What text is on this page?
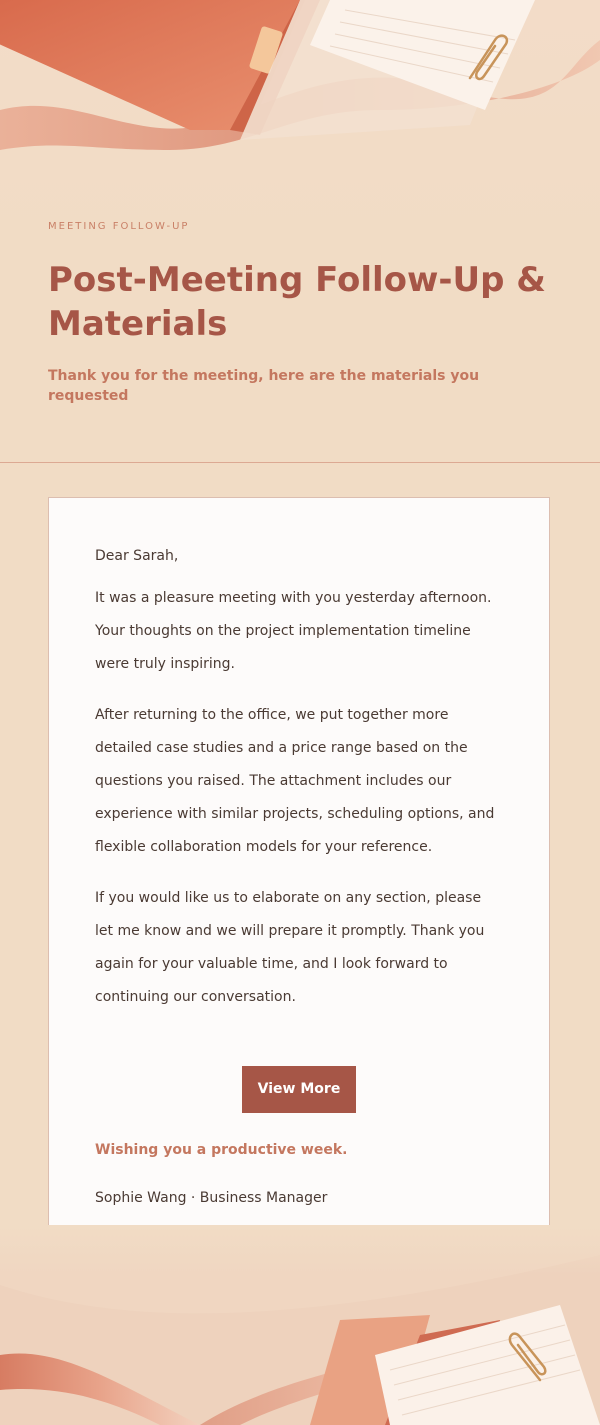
MEETING FOLLOW-UP

Post-Meeting Follow-Up & Materials

Thank you for the meeting, here are the materials you requested

Dear Sarah,

It was a pleasure meeting with you yesterday afternoon. Your thoughts on the project implementation timeline were truly inspiring.

After returning to the office, we put together more detailed case studies and a price range based on the questions you raised. The attachment includes our experience with similar projects, scheduling options, and flexible collaboration models for your reference.

If you would like us to elaborate on any section, please let me know and we will prepare it promptly. Thank you again for your valuable time, and I look forward to continuing our conversation.

View More

Wishing you a productive week.

Sophie Wang · Business Manager
